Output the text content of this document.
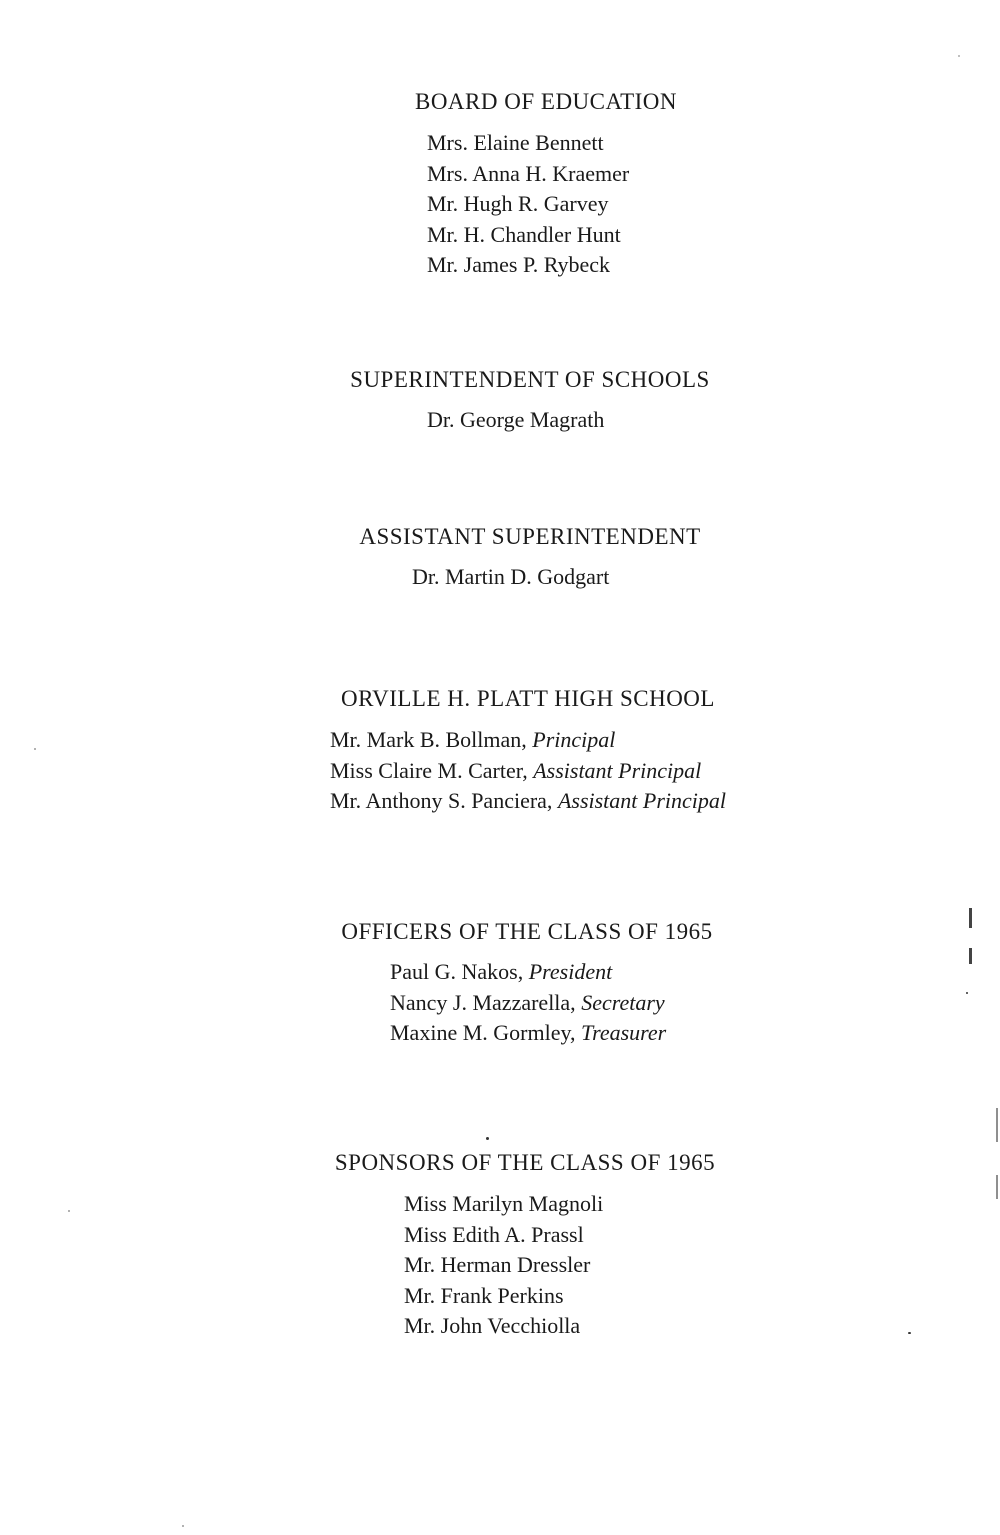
BOARD OF EDUCATION
Mrs. Elaine Bennett
Mrs. Anna H. Kraemer
Mr. Hugh R. Garvey
Mr. H. Chandler Hunt
Mr. James P. Rybeck
SUPERINTENDENT OF SCHOOLS
Dr. George Magrath
ASSISTANT SUPERINTENDENT
Dr. Martin D. Godgart
ORVILLE H. PLATT HIGH SCHOOL
Mr. Mark B. Bollman, Principal
Miss Claire M. Carter, Assistant Principal
Mr. Anthony S. Panciera, Assistant Principal
OFFICERS OF THE CLASS OF 1965
Paul G. Nakos, President
Nancy J. Mazzarella, Secretary
Maxine M. Gormley, Treasurer
SPONSORS OF THE CLASS OF 1965
Miss Marilyn Magnoli
Miss Edith A. Prassl
Mr. Herman Dressler
Mr. Frank Perkins
Mr. John Vecchiolla
